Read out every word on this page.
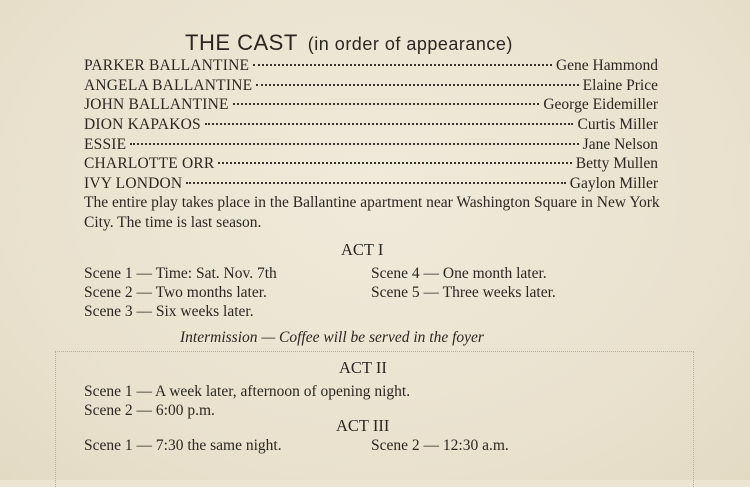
THE CAST (in order of appearance)
PARKER BALLANTINE	Gene Hammond
ANGELA BALLANTINE	Elaine Price
JOHN BALLANTINE	George Eidemiller
DION KAPAKOS	Curtis Miller
ESSIE	Jane Nelson
CHARLOTTE ORR	Betty Mullen
IVY LONDON	Gaylon Miller
The entire play takes place in the Ballantine apartment near Washington Square in New York City. The time is last season.
ACT I
Scene 1 — Time: Sat. Nov. 7th
Scene 2 — Two months later.
Scene 3 — Six weeks later.
Scene 4 — One month later.
Scene 5 — Three weeks later.
Intermission — Coffee will be served in the foyer
ACT II
Scene 1 — A week later, afternoon of opening night.
Scene 2 — 6:00 p.m.
ACT III
Scene 1 — 7:30 the same night.	Scene 2 — 12:30 a.m.
